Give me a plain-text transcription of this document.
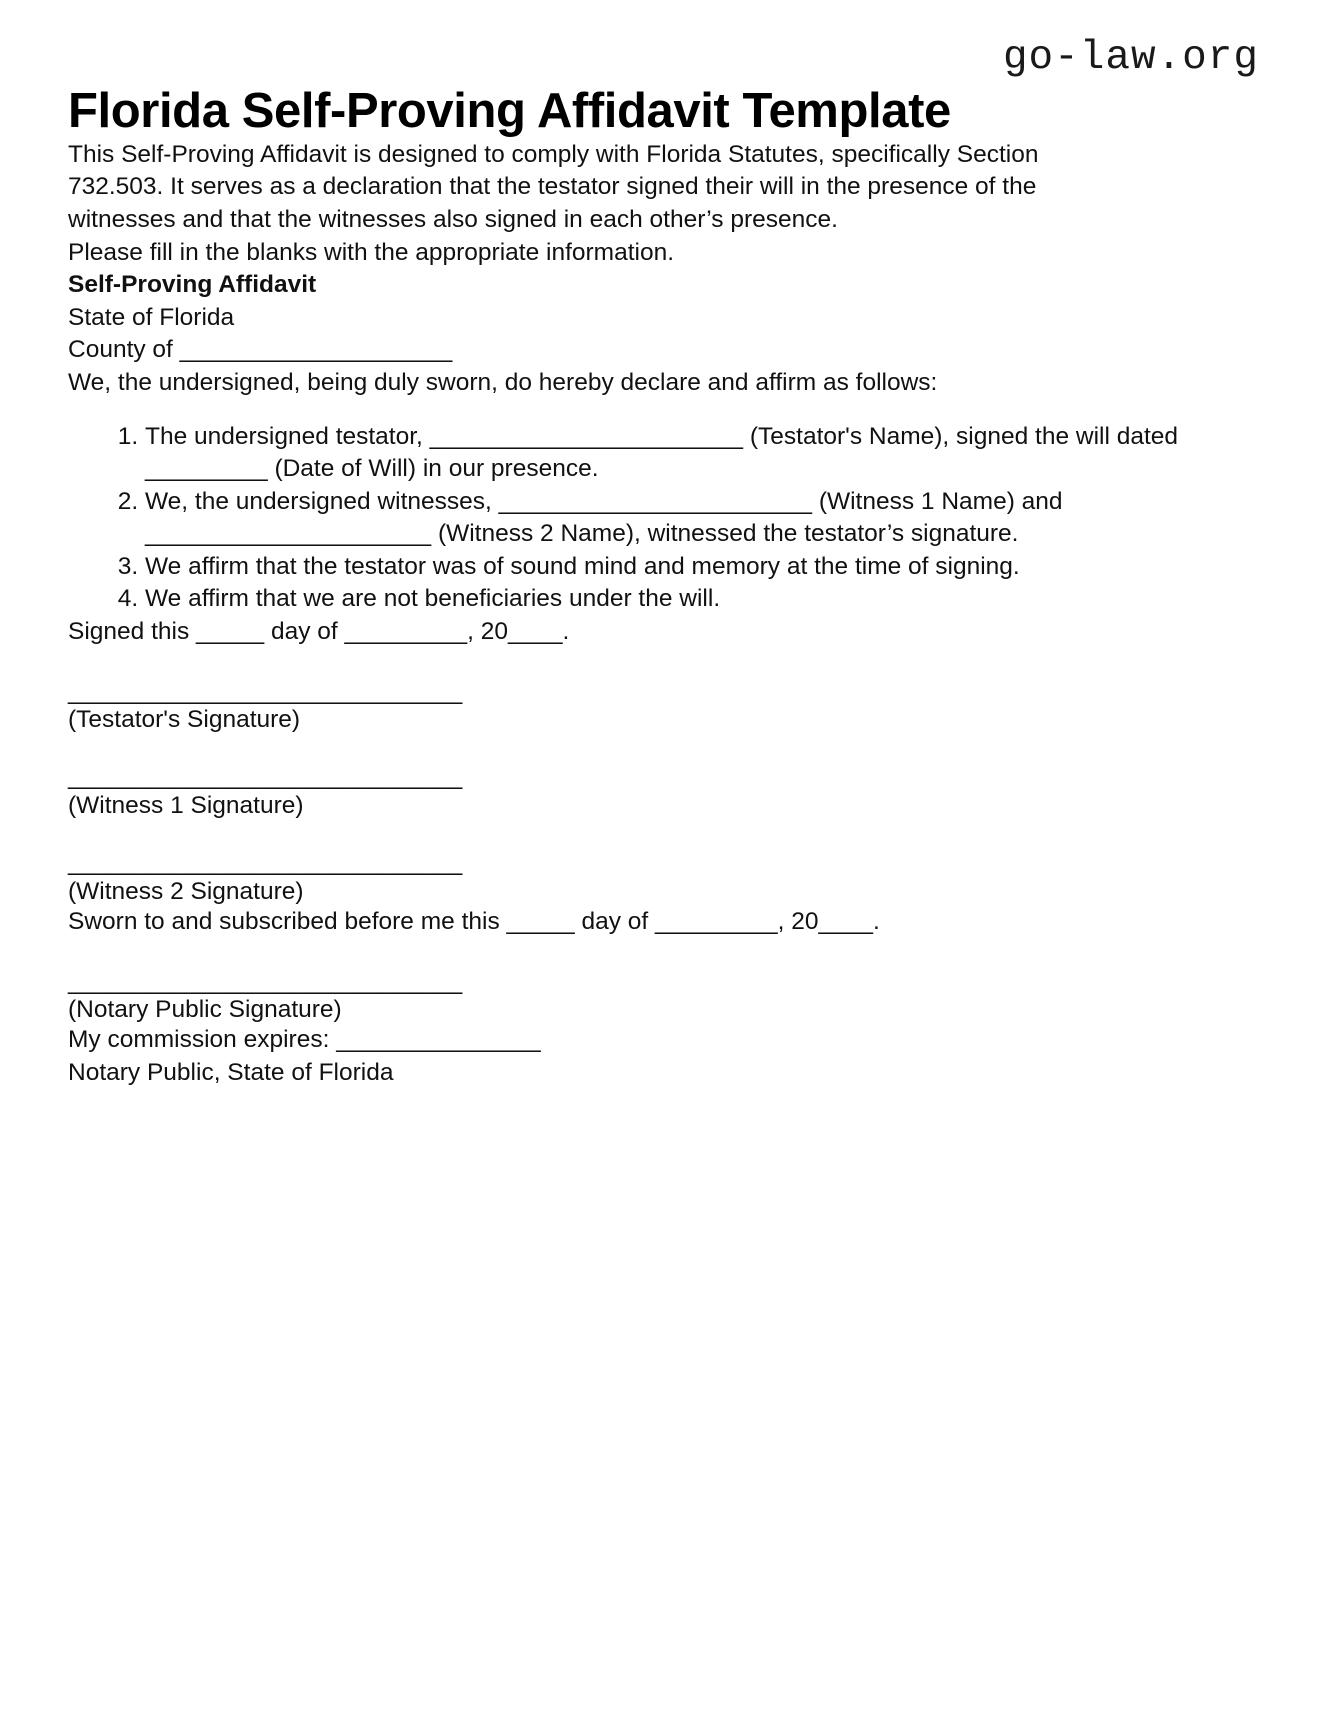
go-law.org
Florida Self-Proving Affidavit Template

This Self-Proving Affidavit is designed to comply with Florida Statutes, specifically Section 732.503. It serves as a declaration that the testator signed their will in the presence of the witnesses and that the witnesses also signed in each other’s presence.

Please fill in the blanks with the appropriate information.

Self-Proving Affidavit

State of Florida

County of ____________________

We, the undersigned, being duly sworn, do hereby declare and affirm as follows:

1. The undersigned testator, _______________________ (Testator's Name), signed the will dated _________ (Date of Will) in our presence.
2. We, the undersigned witnesses, _______________________ (Witness 1 Name) and _____________________ (Witness 2 Name), witnessed the testator’s signature.
3. We affirm that the testator was of sound mind and memory at the time of signing.
4. We affirm that we are not beneficiaries under the will.

Signed this _____ day of _________, 20____.

______________________________
(Testator's Signature)
______________________________
(Witness 1 Signature)
______________________________
(Witness 2 Signature)

Sworn to and subscribed before me this _____ day of _________, 20____.

______________________________
(Notary Public Signature)

My commission expires: _______________

Notary Public, State of Florida
